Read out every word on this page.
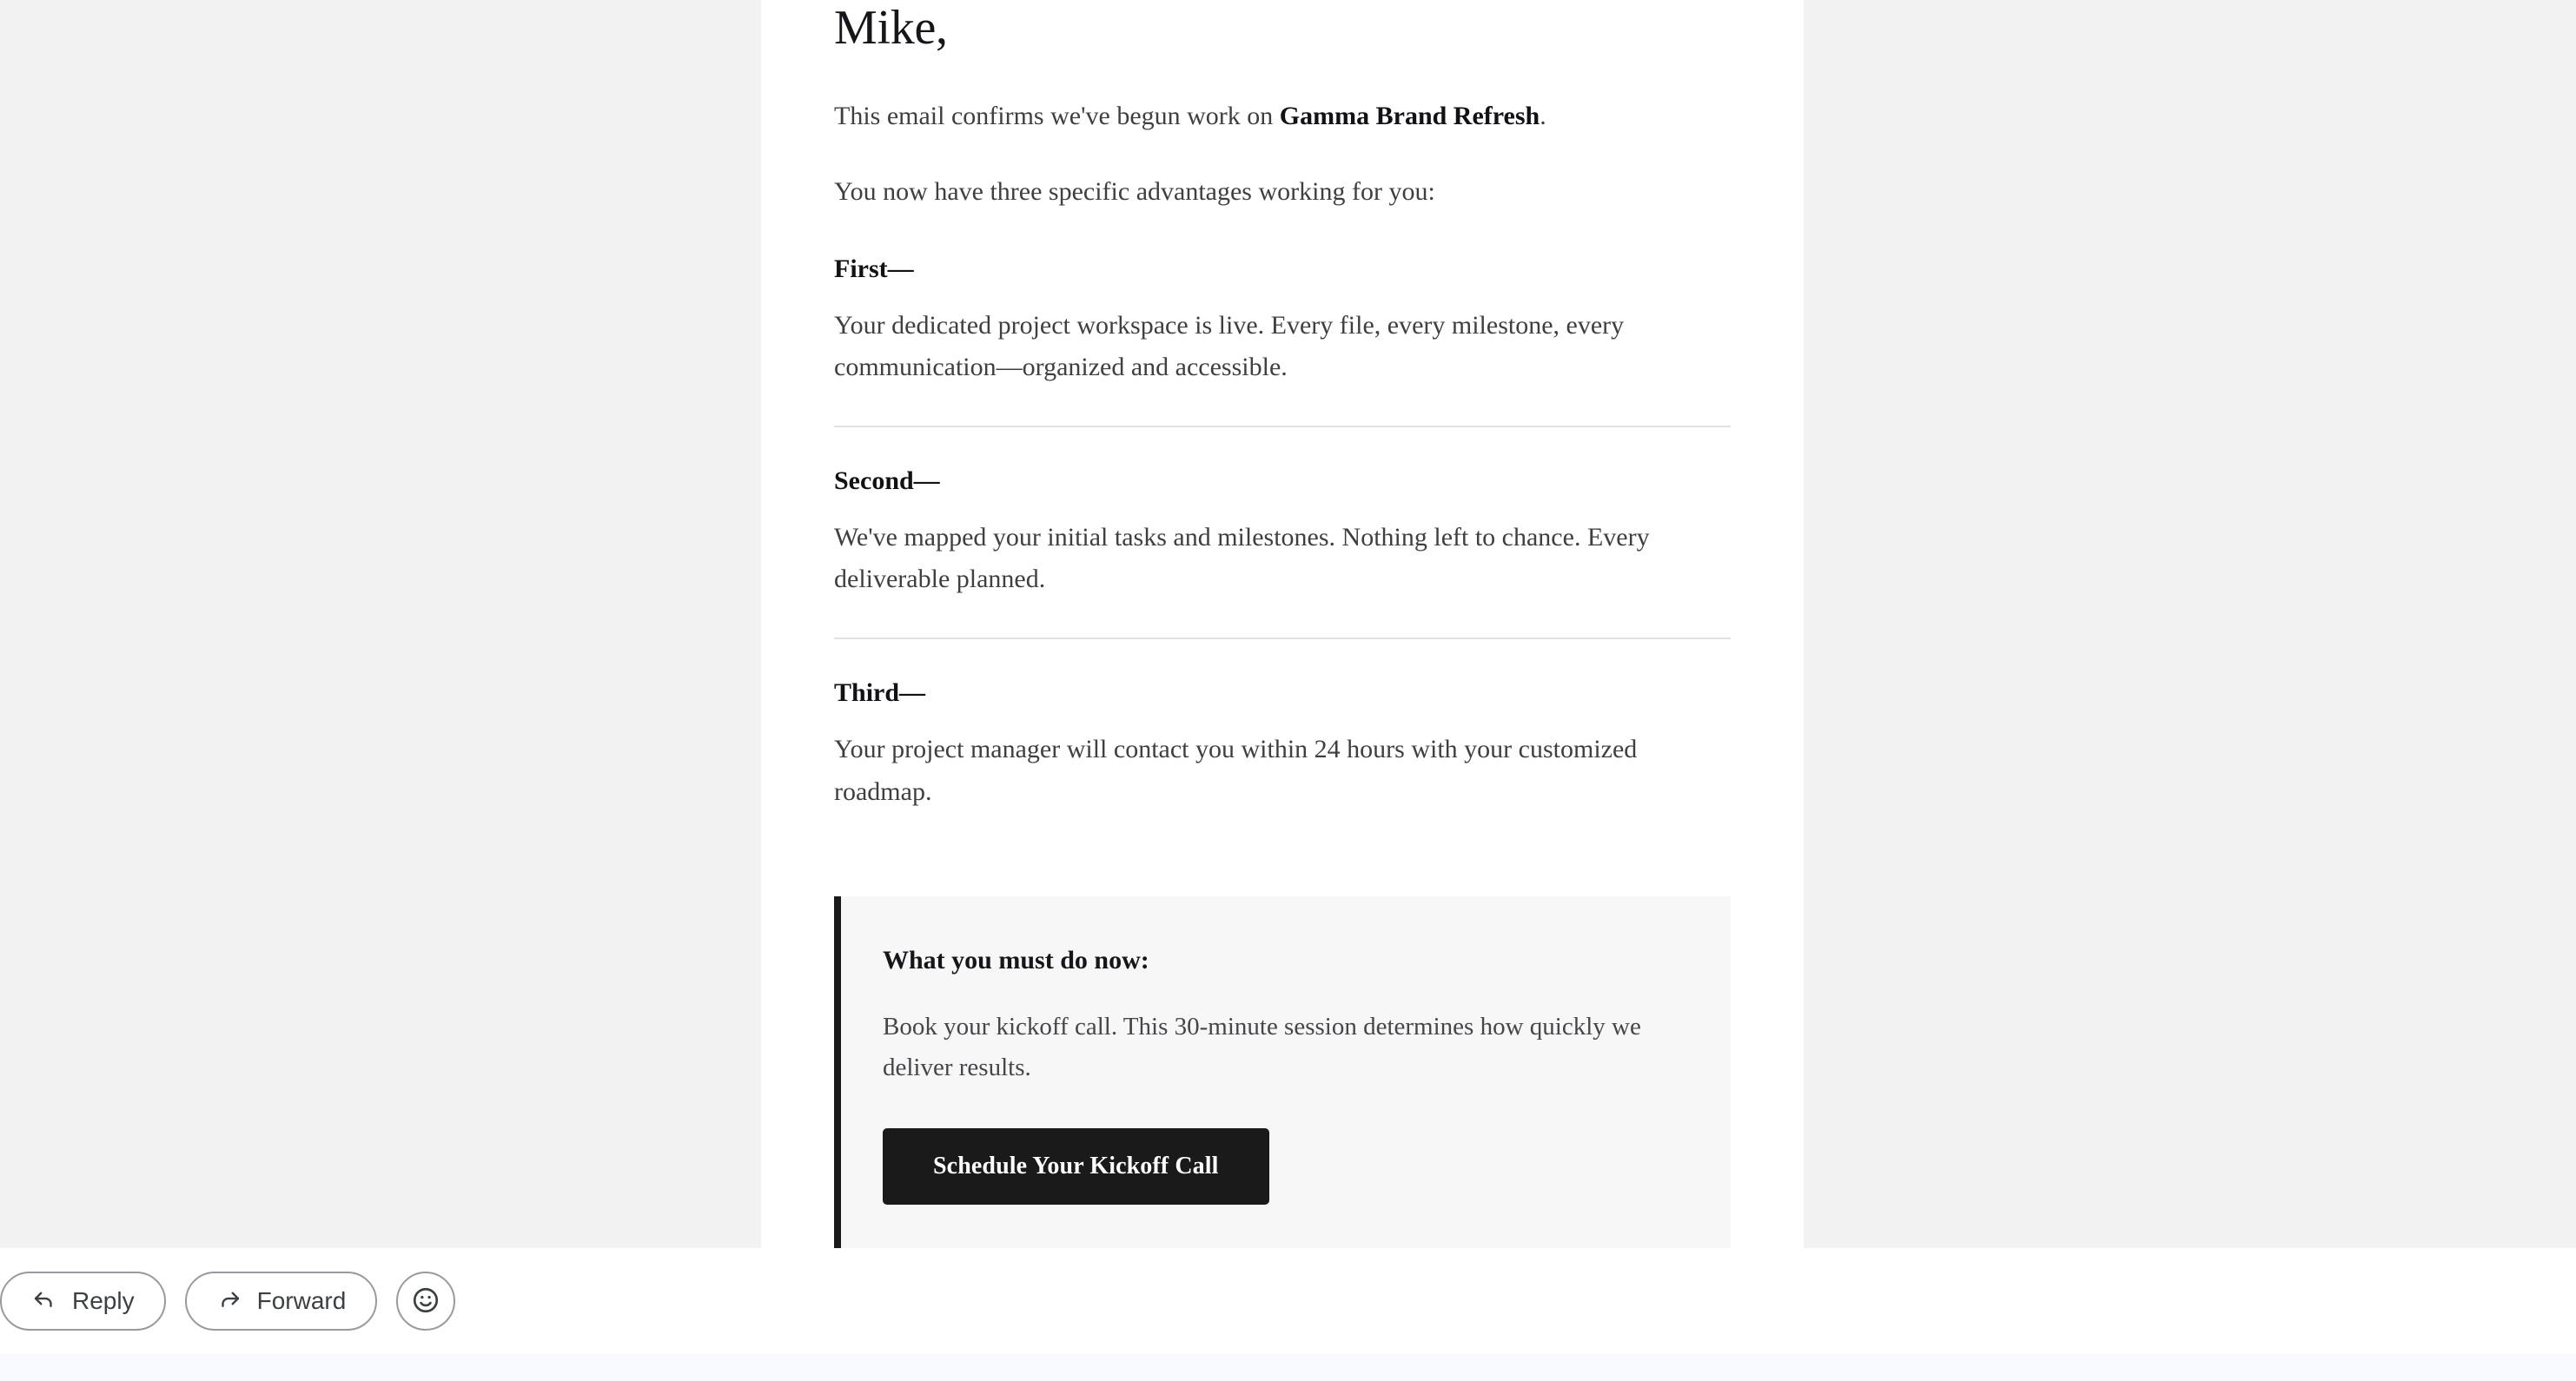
Mike,

This email confirms we've begun work on Gamma Brand Refresh.

You now have three specific advantages working for you:

First—
Your dedicated project workspace is live. Every file, every milestone, every communication—organized and accessible.
Second—
We've mapped your initial tasks and milestones. Nothing left to chance. Every deliverable planned.
Third—
Your project manager will contact you within 24 hours with your customized roadmap.
What you must do now:
Book your kickoff call. This 30-minute session determines how quickly we deliver results.
Schedule Your Kickoff Call
Reply	Forward
